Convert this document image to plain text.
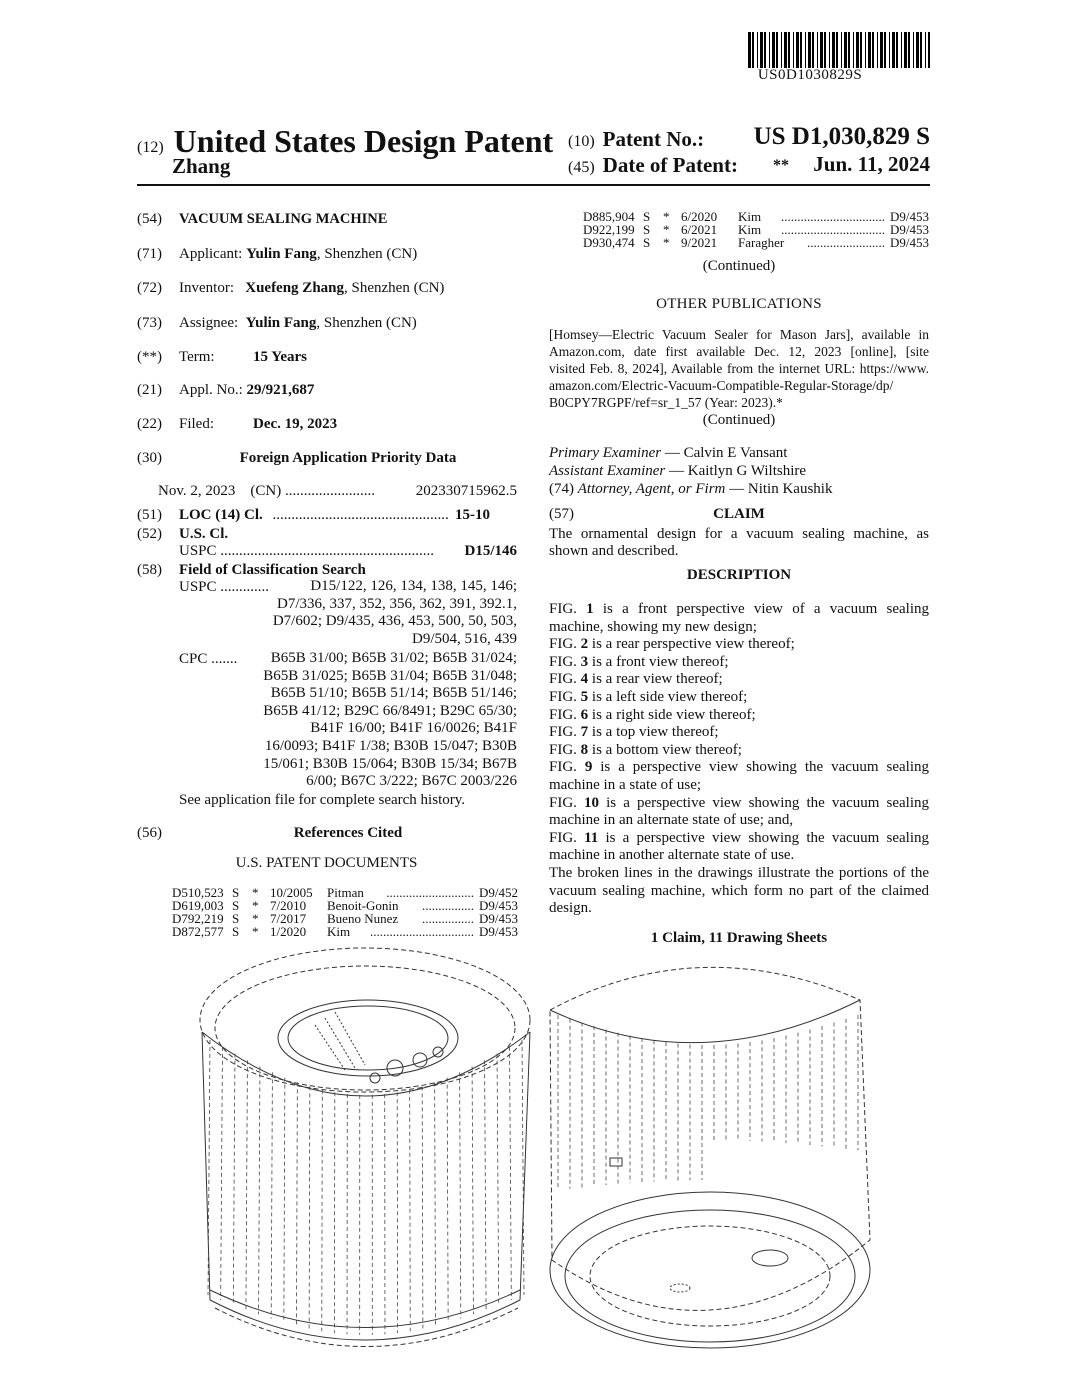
US0D1030829S
(12) United States Design Patent
Zhang
(10) Patent No.: US D1,030,829 S
(45) Date of Patent: ** Jun. 11, 2024
(54) VACUUM SEALING MACHINE
(71) Applicant: Yulin Fang, Shenzhen (CN)
(72) Inventor: Xuefeng Zhang, Shenzhen (CN)
(73) Assignee: Yulin Fang, Shenzhen (CN)
(**) Term:	15 Years
(21) Appl. No.: 29/921,687
(22) Filed:	Dec. 19, 2023
(30)	Foreign Application Priority Data
Nov. 2, 2023 (CN) ........................	202330715962.5
(51) LOC (14) Cl. ............................................... 15-10
(52) U.S. Cl.
USPC ......................................................... D15/146
(58) Field of Classification Search
USPC .............	D15/122, 126, 134, 138, 145, 146;
D7/336, 337, 352, 356, 362, 391, 392.1,
D7/602; D9/435, 436, 453, 500, 50, 503,
D9/504, 516, 439
CPC .......	B65B 31/00; B65B 31/02; B65B 31/024;
B65B 31/025; B65B 31/04; B65B 31/048;
B65B 51/10; B65B 51/14; B65B 51/146;
B65B 41/12; B29C 66/8491; B29C 65/30;
B41F 16/00; B41F 16/0026; B41F
16/0093; B41F 1/38; B30B 15/047; B30B
15/061; B30B 15/064; B30B 15/34; B67B
6/00; B67C 3/222; B67C 2003/226
See application file for complete search history.
(56)	References Cited
U.S. PATENT DOCUMENTS
D510,523 S * 10/2005 Pitman	D9/452
...........................
D619,003 S * 7/2010 Benoit-Gonin	D9/453
................
D792,219 S * 7/2017 Bueno Nunez	D9/453
................
D872,577 S * 1/2020 Kim	D9/453
................................
D885,904 S * 6/2020 Kim	D9/453
................................
D922,199 S * 6/2021 Kim	D9/453
................................
D930,474 S * 9/2021 Faragher	D9/453
........................
(Continued)
OTHER PUBLICATIONS
[Homsey—Electric Vacuum Sealer for Mason Jars], available in
Amazon.com, date first available Dec. 12, 2023 [online], [site
visited Feb. 8, 2024], Available from the internet URL: https://www.
amazon.com/Electric-Vacuum-Compatible-Regular-Storage/dp/
B0CPY7RGPF/ref=sr_1_57 (Year: 2023).*
(Continued)
Primary Examiner — Calvin E Vansant
Assistant Examiner — Kaitlyn G Wiltshire
(74) Attorney, Agent, or Firm — Nitin Kaushik
(57)	CLAIM
The ornamental design for a vacuum sealing machine, as
shown and described.
DESCRIPTION
FIG. 1 is a front perspective view of a vacuum sealing
machine, showing my new design;
FIG. 2 is a rear perspective view thereof;
FIG. 3 is a front view thereof;
FIG. 4 is a rear view thereof;
FIG. 5 is a left side view thereof;
FIG. 6 is a right side view thereof;
FIG. 7 is a top view thereof;
FIG. 8 is a bottom view thereof;
FIG. 9 is a perspective view showing the vacuum sealing
machine in a state of use;
FIG. 10 is a perspective view showing the vacuum sealing
machine in an alternate state of use; and,
FIG. 11 is a perspective view showing the vacuum sealing
machine in another alternate state of use.
The broken lines in the drawings illustrate the portions of the
vacuum sealing machine, which form no part of the claimed
design.
1 Claim, 11 Drawing Sheets
